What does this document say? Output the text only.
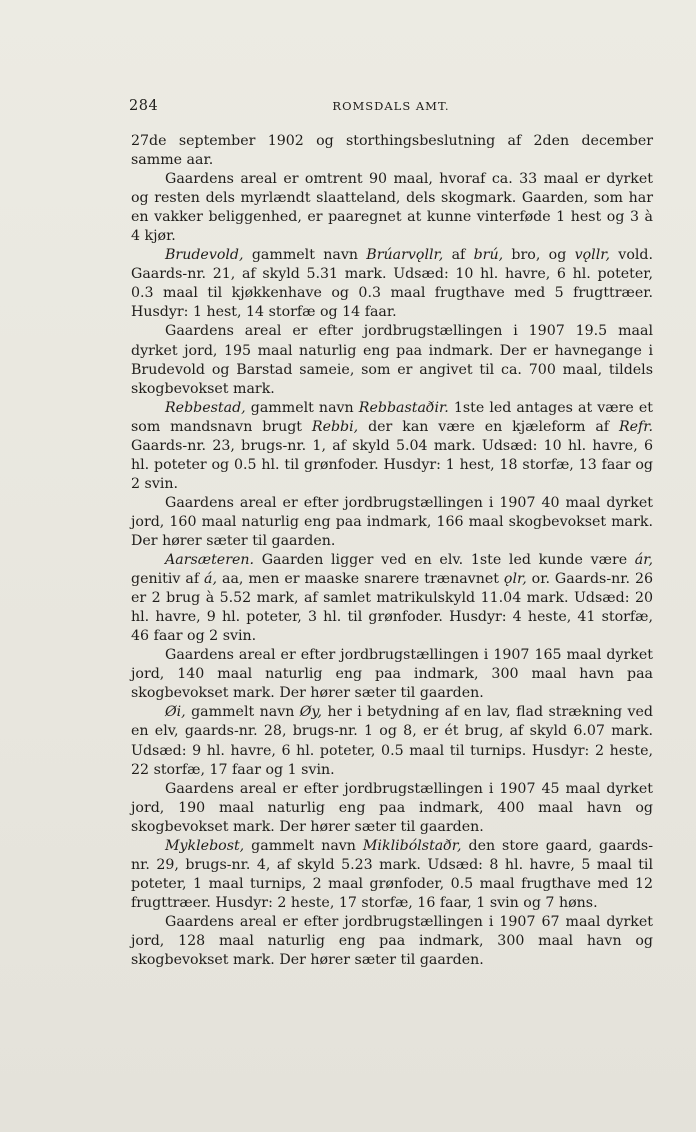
284	ROMSDALS AMT.

27de september 1902 og storthingsbeslutning af 2den december samme aar.

Gaardens areal er omtrent 90 maal, hvoraf ca. 33 maal er dyrket og resten dels myrlændt slaatteland, dels skogmark. Gaarden, som har en vakker beliggenhed, er paaregnet at kunne vinterføde 1 hest og 3 à 4 kjør.

Brudevold, gammelt navn Brúarvǫllr, af brú, bro, og vǫllr, vold. Gaards-nr. 21, af skyld 5.31 mark. Udsæd: 10 hl. havre, 6 hl. poteter, 0.3 maal til kjøkkenhave og 0.3 maal frugthave med 5 frugttræer. Husdyr: 1 hest, 14 storfæ og 14 faar.

Gaardens areal er efter jordbrugstællingen i 1907 19.5 maal dyrket jord, 195 maal naturlig eng paa indmark. Der er havnegange i Brudevold og Barstad sameie, som er angivet til ca. 700 maal, tildels skogbevokset mark.

Rebbestad, gammelt navn Rebbastaðir. 1ste led antages at være et som mandsnavn brugt Rebbi, der kan være en kjæleform af Refr. Gaards-nr. 23, brugs-nr. 1, af skyld 5.04 mark. Udsæd: 10 hl. havre, 6 hl. poteter og 0.5 hl. til grønfoder. Husdyr: 1 hest, 18 storfæ, 13 faar og 2 svin.

Gaardens areal er efter jordbrugstællingen i 1907 40 maal dyrket jord, 160 maal naturlig eng paa indmark, 166 maal skogbevokset mark. Der hører sæter til gaarden.

Aarsæteren. Gaarden ligger ved en elv. 1ste led kunde være ár, genitiv af á, aa, men er maaske snarere trænavnet ǫlr, or. Gaards-nr. 26 er 2 brug à 5.52 mark, af samlet matrikulskyld 11.04 mark. Udsæd: 20 hl. havre, 9 hl. poteter, 3 hl. til grønfoder. Husdyr: 4 heste, 41 storfæ, 46 faar og 2 svin.

Gaardens areal er efter jordbrugstællingen i 1907 165 maal dyrket jord, 140 maal naturlig eng paa indmark, 300 maal havn paa skogbevokset mark. Der hører sæter til gaarden.

Øi, gammelt navn Øy, her i betydning af en lav, flad strækning ved en elv, gaards-nr. 28, brugs-nr. 1 og 8, er ét brug, af skyld 6.07 mark. Udsæd: 9 hl. havre, 6 hl. poteter, 0.5 maal til turnips. Husdyr: 2 heste, 22 storfæ, 17 faar og 1 svin.

Gaardens areal er efter jordbrugstællingen i 1907 45 maal dyrket jord, 190 maal naturlig eng paa indmark, 400 maal havn og skogbevokset mark. Der hører sæter til gaarden.

Myklebost, gammelt navn Miklibólstaðr, den store gaard, gaards-nr. 29, brugs-nr. 4, af skyld 5.23 mark. Udsæd: 8 hl. havre, 5 maal til poteter, 1 maal turnips, 2 maal grønfoder, 0.5 maal frugthave med 12 frugttræer. Husdyr: 2 heste, 17 storfæ, 16 faar, 1 svin og 7 høns.

Gaardens areal er efter jordbrugstællingen i 1907 67 maal dyrket jord, 128 maal naturlig eng paa indmark, 300 maal havn og skogbevokset mark. Der hører sæter til gaarden.
